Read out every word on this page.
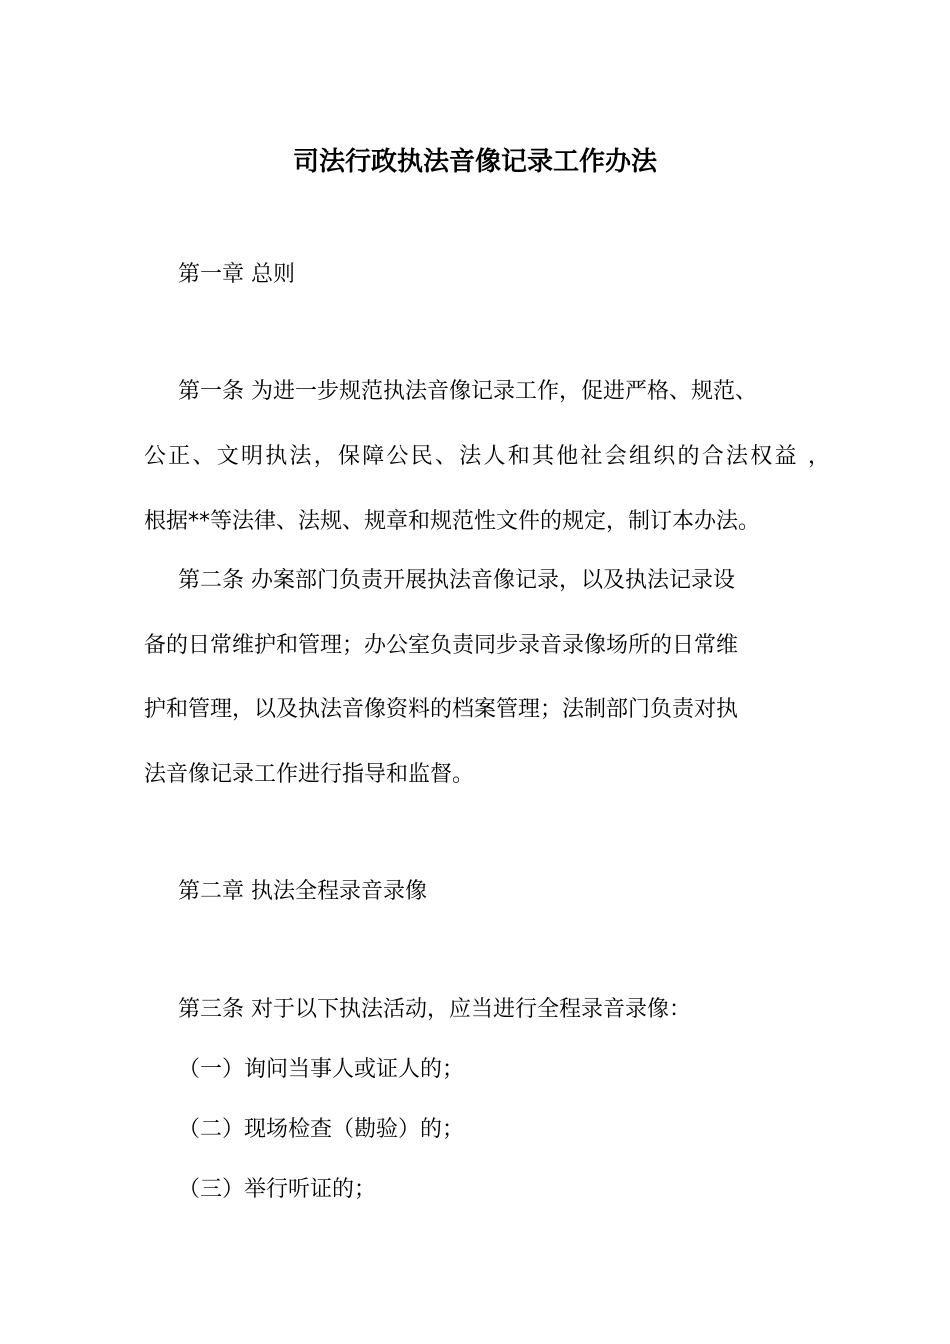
司法行政执法音像记录工作办法

第一章 总则

第一条 为进一步规范执法音像记录工作，促进严格、规范、

公正、文明执法，保障公民、法人和其他社会组织的合法权益 ，

根据**等法律、法规、规章和规范性文件的规定，制订本办法。

第二条 办案部门负责开展执法音像记录，以及执法记录设

备的日常维护和管理；办公室负责同步录音录像场所的日常维

护和管理，以及执法音像资料的档案管理；法制部门负责对执

法音像记录工作进行指导和监督。

第二章 执法全程录音录像

第三条 对于以下执法活动，应当进行全程录音录像：

（一）询问当事人或证人的；

（二）现场检查（勘验）的；

（三）举行听证的；
